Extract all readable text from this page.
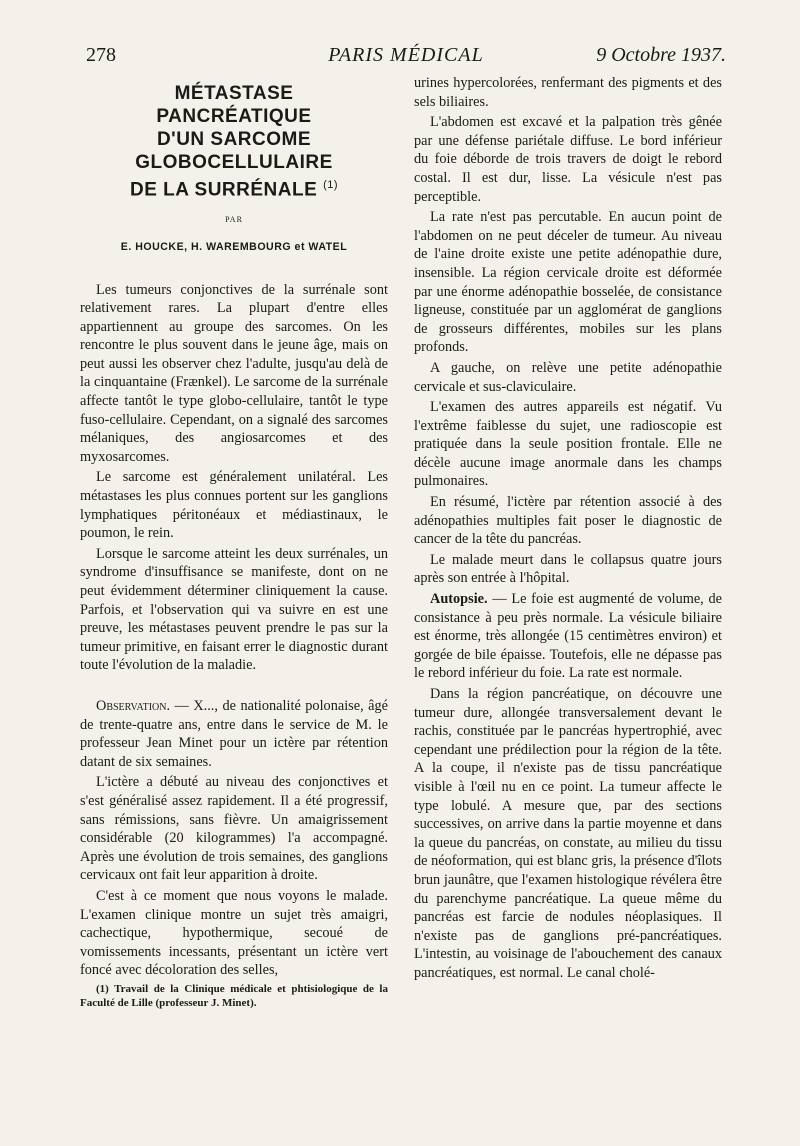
278	PARIS MÉDICAL	9 Octobre 1937.
MÉTASTASE
PANCRÉATIQUE
D'UN SARCOME
GLOBOCELLULAIRE
DE LA SURRÉNALE $^{(1)}$
PAR
E. HOUCKE, H. WAREMBOURG et WATEL

Les tumeurs conjonctives de la surrénale sont relativement rares. La plupart d'entre elles appartiennent au groupe des sarcomes. On les rencontre le plus souvent dans le jeune âge, mais on peut aussi les observer chez l'adulte, jusqu'au delà de la cinquantaine (Frænkel). Le sarcome de la surrénale affecte tantôt le type globo-cellulaire, tantôt le type fuso-cellulaire. Cependant, on a signalé des sarcomes mélaniques, des angiosarcomes et des myxosarcomes.

Le sarcome est généralement unilatéral. Les métastases les plus connues portent sur les ganglions lymphatiques péritonéaux et médiastinaux, le poumon, le rein.

Lorsque le sarcome atteint les deux surrénales, un syndrome d'insuffisance se manifeste, dont on ne peut évidemment déterminer cliniquement la cause. Parfois, et l'observation qui va suivre en est une preuve, les métastases peuvent prendre le pas sur la tumeur primitive, en faisant errer le diagnostic durant toute l'évolution de la maladie.

Observation. — X..., de nationalité polonaise, âgé de trente-quatre ans, entre dans le service de M. le professeur Jean Minet pour un ictère par rétention datant de six semaines.

L'ictère a débuté au niveau des conjonctives et s'est généralisé assez rapidement. Il a été progressif, sans rémissions, sans fièvre. Un amaigrissement considérable (20 kilogrammes) l'a accompagné. Après une évolution de trois semaines, des ganglions cervicaux ont fait leur apparition à droite.

C'est à ce moment que nous voyons le malade. L'examen clinique montre un sujet très amaigri, cachectique, hypothermique, secoué de vomissements incessants, présentant un ictère vert foncé avec décoloration des selles,

(1) Travail de la Clinique médicale et phtisiologique de la Faculté de Lille (professeur J. Minet).

urines hypercolorées, renfermant des pigments et des sels biliaires.

L'abdomen est excavé et la palpation très gênée par une défense pariétale diffuse. Le bord inférieur du foie déborde de trois travers de doigt le rebord costal. Il est dur, lisse. La vésicule n'est pas perceptible.

La rate n'est pas percutable. En aucun point de l'abdomen on ne peut déceler de tumeur. Au niveau de l'aine droite existe une petite adénopathie dure, insensible. La région cervicale droite est déformée par une énorme adénopathie bosselée, de consistance ligneuse, constituée par un agglomérat de ganglions de grosseurs différentes, mobiles sur les plans profonds.

A gauche, on relève une petite adénopathie cervicale et sus-claviculaire.

L'examen des autres appareils est négatif. Vu l'extrême faiblesse du sujet, une radioscopie est pratiquée dans la seule position frontale. Elle ne décèle aucune image anormale dans les champs pulmonaires.

En résumé, l'ictère par rétention associé à des adénopathies multiples fait poser le diagnostic de cancer de la tête du pancréas.

Le malade meurt dans le collapsus quatre jours après son entrée à l'hôpital.

Autopsie. — Le foie est augmenté de volume, de consistance à peu près normale. La vésicule biliaire est énorme, très allongée (15 centimètres environ) et gorgée de bile épaisse. Toutefois, elle ne dépasse pas le rebord inférieur du foie. La rate est normale.

Dans la région pancréatique, on découvre une tumeur dure, allongée transversalement devant le rachis, constituée par le pancréas hypertrophié, avec cependant une prédilection pour la région de la tête. A la coupe, il n'existe pas de tissu pancréatique visible à l'œil nu en ce point. La tumeur affecte le type lobulé. A mesure que, par des sections successives, on arrive dans la partie moyenne et dans la queue du pancréas, on constate, au milieu du tissu de néoformation, qui est blanc gris, la présence d'îlots brun jaunâtre, que l'examen histologique révélera être du parenchyme pancréatique. La queue même du pancréas est farcie de nodules néoplasiques. Il n'existe pas de ganglions pré-pancréatiques. L'intestin, au voisinage de l'abouchement des canaux pancréatiques, est normal. Le canal cholé-
